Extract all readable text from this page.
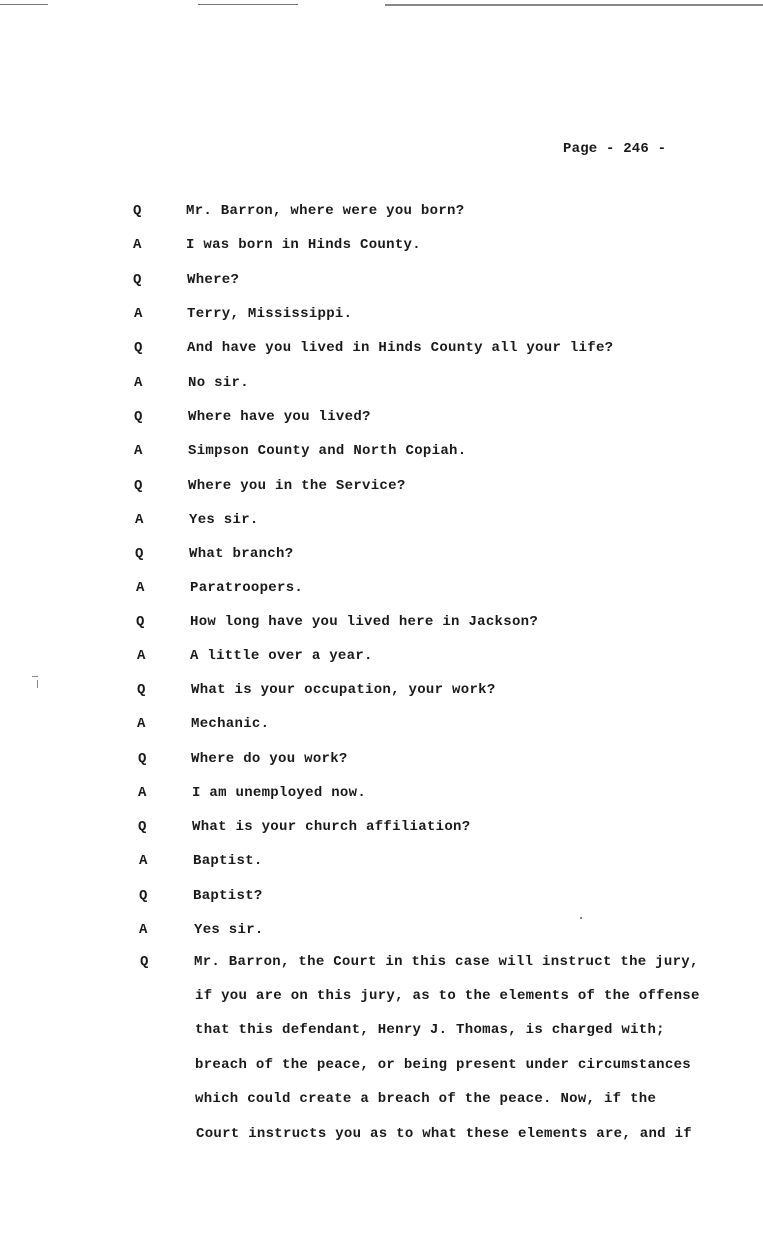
Page - 246 -
Q	Mr. Barron, where were you born?
A	I was born in Hinds County.
Q	Where?
A	Terry, Mississippi.
Q	And have you lived in Hinds County all your life?
A	No sir.
Q	Where have you lived?
A	Simpson County and North Copiah.
Q	Where you in the Service?
A	Yes sir.
Q	What branch?
A	Paratroopers.
Q	How long have you lived here in Jackson?
A	A little over a year.
Q	What is your occupation, your work?
A	Mechanic.
Q	Where do you work?
A	I am unemployed now.
Q	What is your church affiliation?
A	Baptist.
Q	Baptist?
A	Yes sir.
Q	Mr. Barron, the Court in this case will instruct the jury,
if you are on this jury, as to the elements of the offense
that this defendant, Henry J. Thomas, is charged with;
breach of the peace, or being present under circumstances
which could create a breach of the peace. Now, if the
Court instructs you as to what these elements are, and if
